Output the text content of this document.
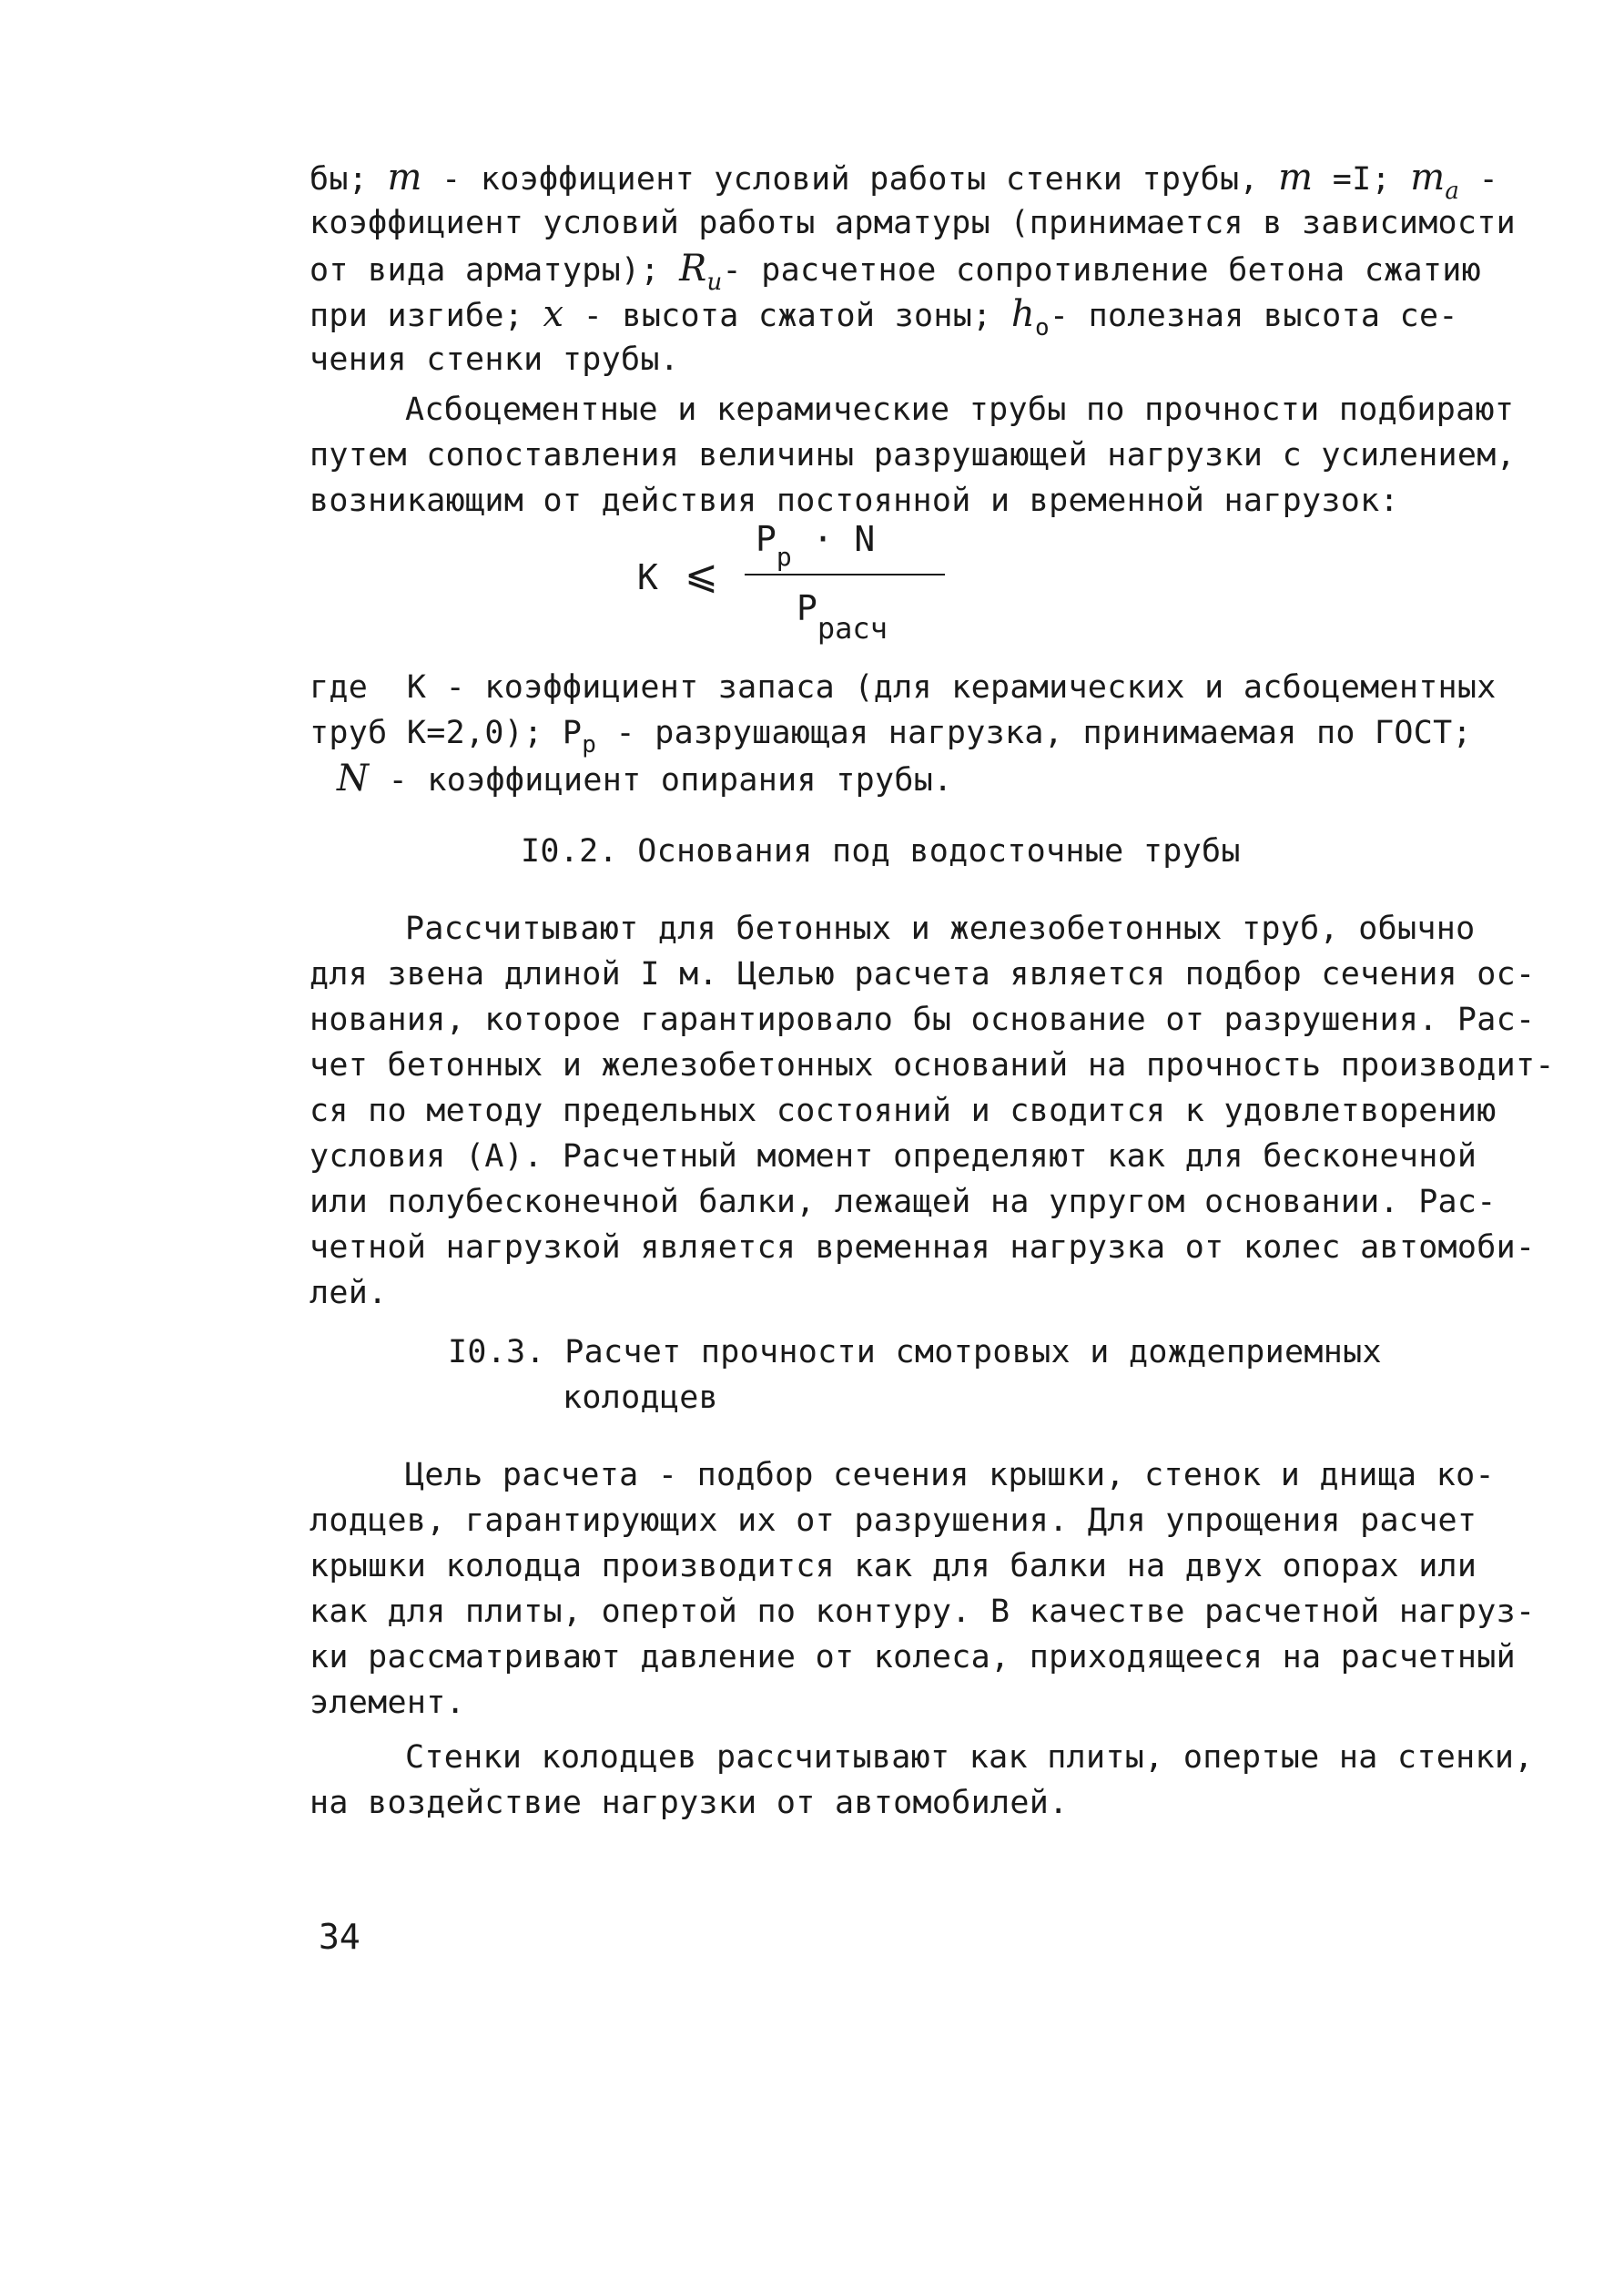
бы; m - коэффициент условий работы стенки трубы, m =I; $m_a$ -
коэффициент условий работы арматуры (принимается в зависимости
от вида арматуры); $R_u-$ расчетное сопротивление бетона сжатию
при изгибе; x - высота сжатой зоны; $h_o-$ полезная высота се-
чения стенки трубы.
Асбоцементные и керамические трубы по прочности подбирают
путем сопоставления величины разрушающей нагрузки с усилением,
возникающим от действия постоянной и временной нагрузок:
K ⩽
$P_p \cdot N$
$P_{расч}$
где  K - коэффициент запаса (для керамических и асбоцементных
труб K=2,0); $P_p$ - разрушающая нагрузка, принимаемая по ГОСТ;
N - коэффициент опирания трубы.
I0.2. Основания под водосточные трубы
Рассчитывают для бетонных и железобетонных труб, обычно
для звена длиной I м. Целью расчета является подбор сечения ос-
нования, которое гарантировало бы основание от разрушения. Рас-
чет бетонных и железобетонных оснований на прочность производит-
ся по методу предельных состояний и сводится к удовлетворению
условия (A). Расчетный момент определяют как для бесконечной
или полубесконечной балки, лежащей на упругом основании. Рас-
четной нагрузкой является временная нагрузка от колес автомоби-
лей.
I0.3. Расчет прочности смотровых и дождеприемных
колодцев
Цель расчета - подбор сечения крышки, стенок и днища ко-
лодцев, гарантирующих их от разрушения. Для упрощения расчет
крышки колодца производится как для балки на двух опорах или
как для плиты, опертой по контуру. В качестве расчетной нагруз-
ки рассматривают давление от колеса, приходящееся на расчетный
элемент.
Стенки колодцев рассчитывают как плиты, опертые на стенки,
на воздействие нагрузки от автомобилей.
34
